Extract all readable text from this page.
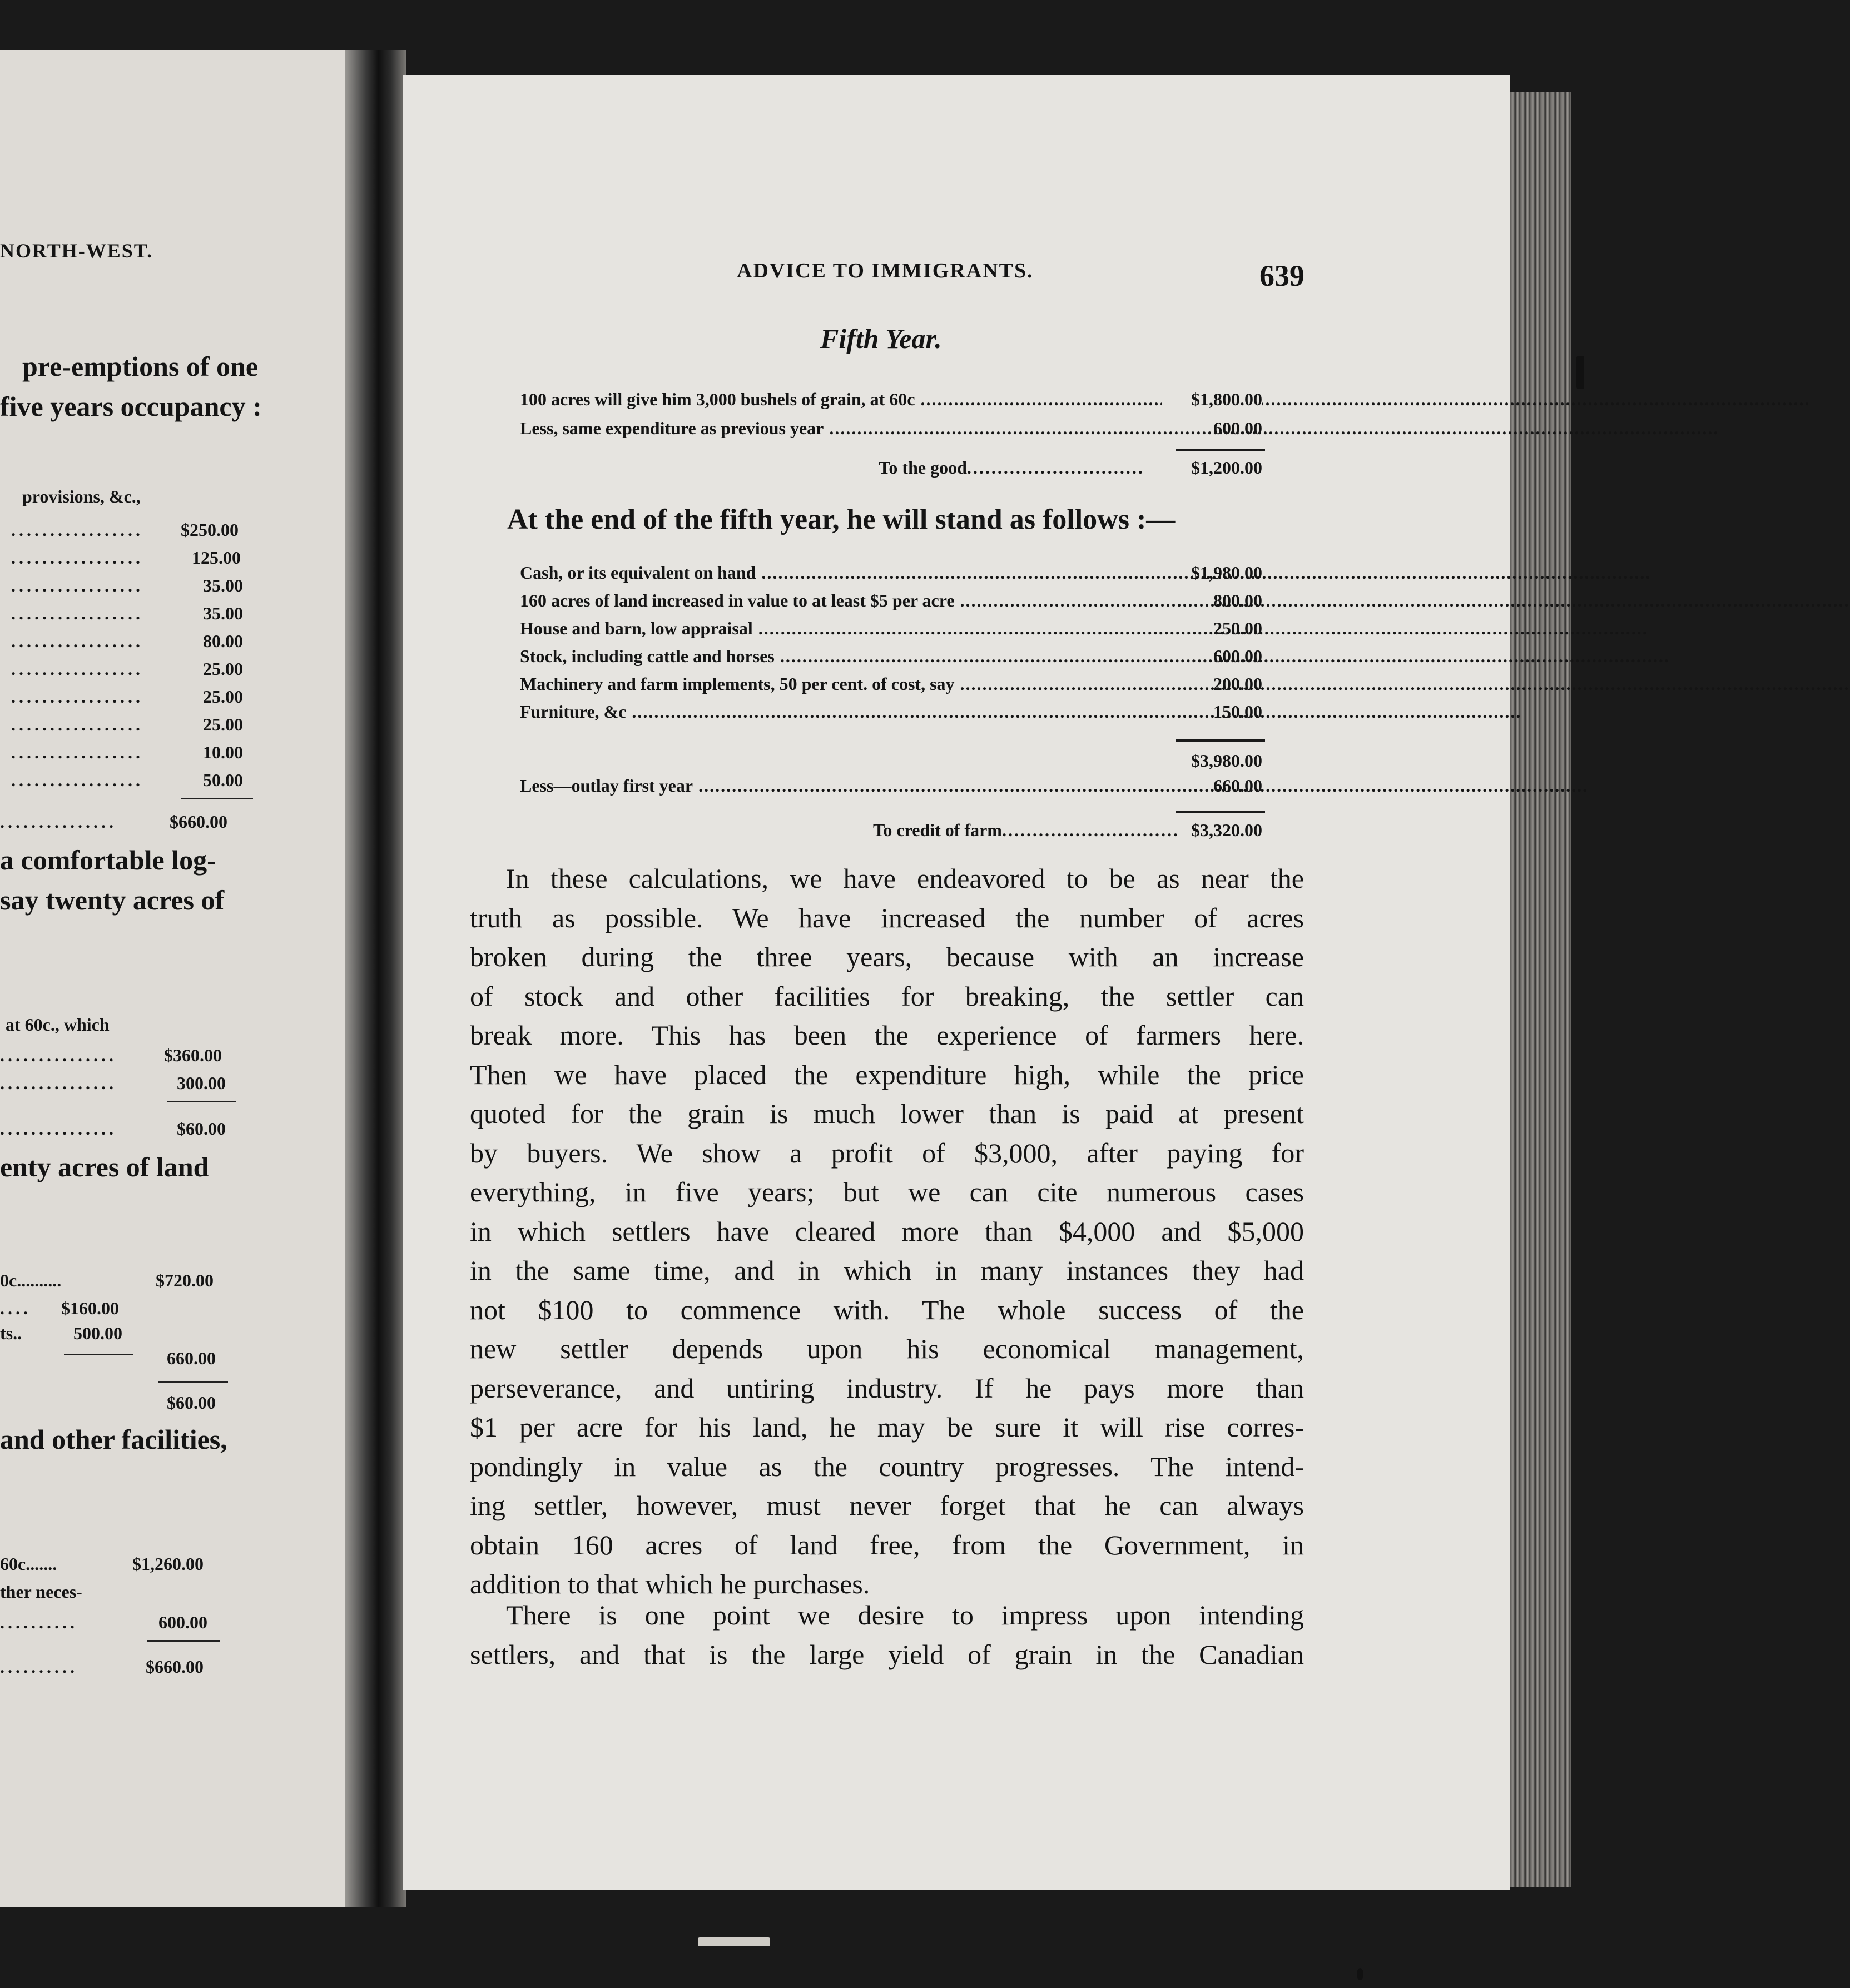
NORTH-WEST.
pre-emptions of one
five years occupancy :
provisions, &c.,
................. $250.00
.................	125.00
.................	35.00
.................	35.00
.................	80.00
.................	25.00
.................	25.00
.................	25.00
.................	10.00
.................	50.00
...............	$660.00
a comfortable log-
say twenty acres of
at 60c., which
...............	$360.00
...............	300.00
...............	$60.00
enty acres of land
0c..........	$720.00
.... $160.00
ts..	500.00
660.00
$60.00
and other facilities,
60c.......	$1,260.00
ther neces-
..........	600.00
..........	$660.00
ADVICE TO IMMIGRANTS.	639
Fifth Year.
100 acres will give him 3,000 bushels of grain, at 60c .....	$1,800.00
Less, same expenditure as previous year .....	600.00
To the good.............................	$1,200.00
At the end of the fifth year, he will stand as follows :—
Cash, or its equivalent on hand .....	$1,980.00
160 acres of land increased in value to at least $5 per acre .....	800.00
House and barn, low appraisal .....	250.00
Stock, including cattle and horses .....	600.00
Machinery and farm implements, 50 per cent. of cost, say .....	200.00
Furniture, &c .....	150.00
$3,980.00
Less—outlay first year .....	660.00
To credit of farm............................. $3,320.00
In these calculations, we have endeavored to be as near the
truth as possible. We have increased the number of acres
broken during the three years, because with an increase
of stock and other facilities for breaking, the settler can
break more. This has been the experience of farmers here.
Then we have placed the expenditure high, while the price
quoted for the grain is much lower than is paid at present
by buyers. We show a profit of $3,000, after paying for
everything, in five years; but we can cite numerous cases
in which settlers have cleared more than $4,000 and $5,000
in the same time, and in which in many instances they had
not $100 to commence with. The whole success of the
new settler depends upon his economical management,
perseverance, and untiring industry. If he pays more than
$1 per acre for his land, he may be sure it will rise corres-
pondingly in value as the country progresses. The intend-
ing settler, however, must never forget that he can always
obtain 160 acres of land free, from the Government, in
addition to that which he purchases.
There is one point we desire to impress upon intending
settlers, and that is the large yield of grain in the Canadian
